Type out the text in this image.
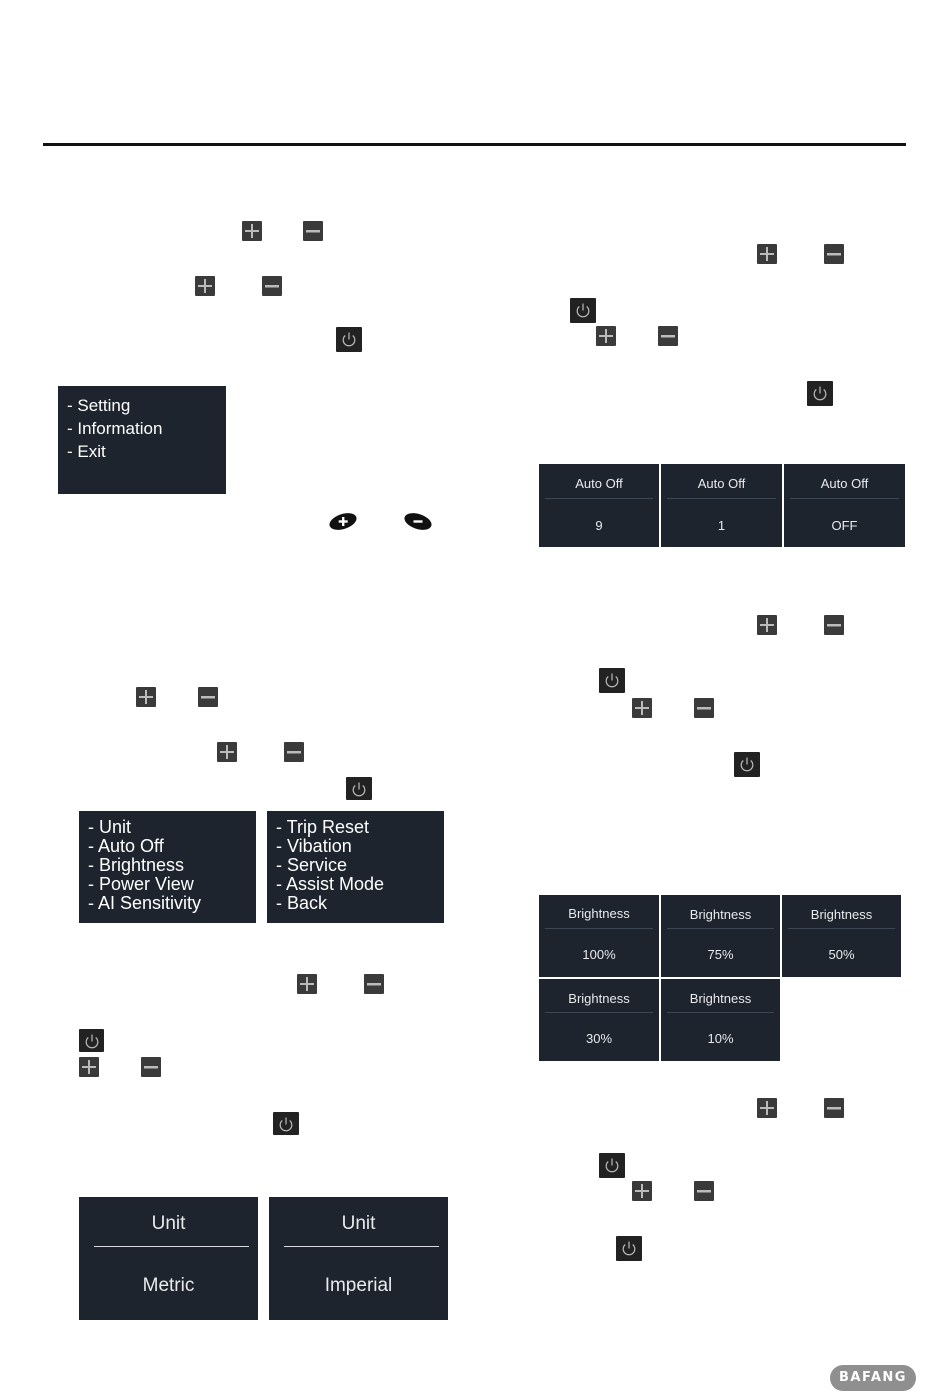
- Setting
- Information
- Exit
- Unit
- Auto Off
- Brightness
- Power View
- AI Sensitivity
- Trip Reset
- Vibation
- Service
- Assist Mode
- Back
Unit
Metric
Unit
Imperial
Auto Off
9
Auto Off
1
Auto Off
OFF
Brightness
100%
Brightness
75%
Brightness
50%
Brightness
30%
Brightness
10%
BAFANG
